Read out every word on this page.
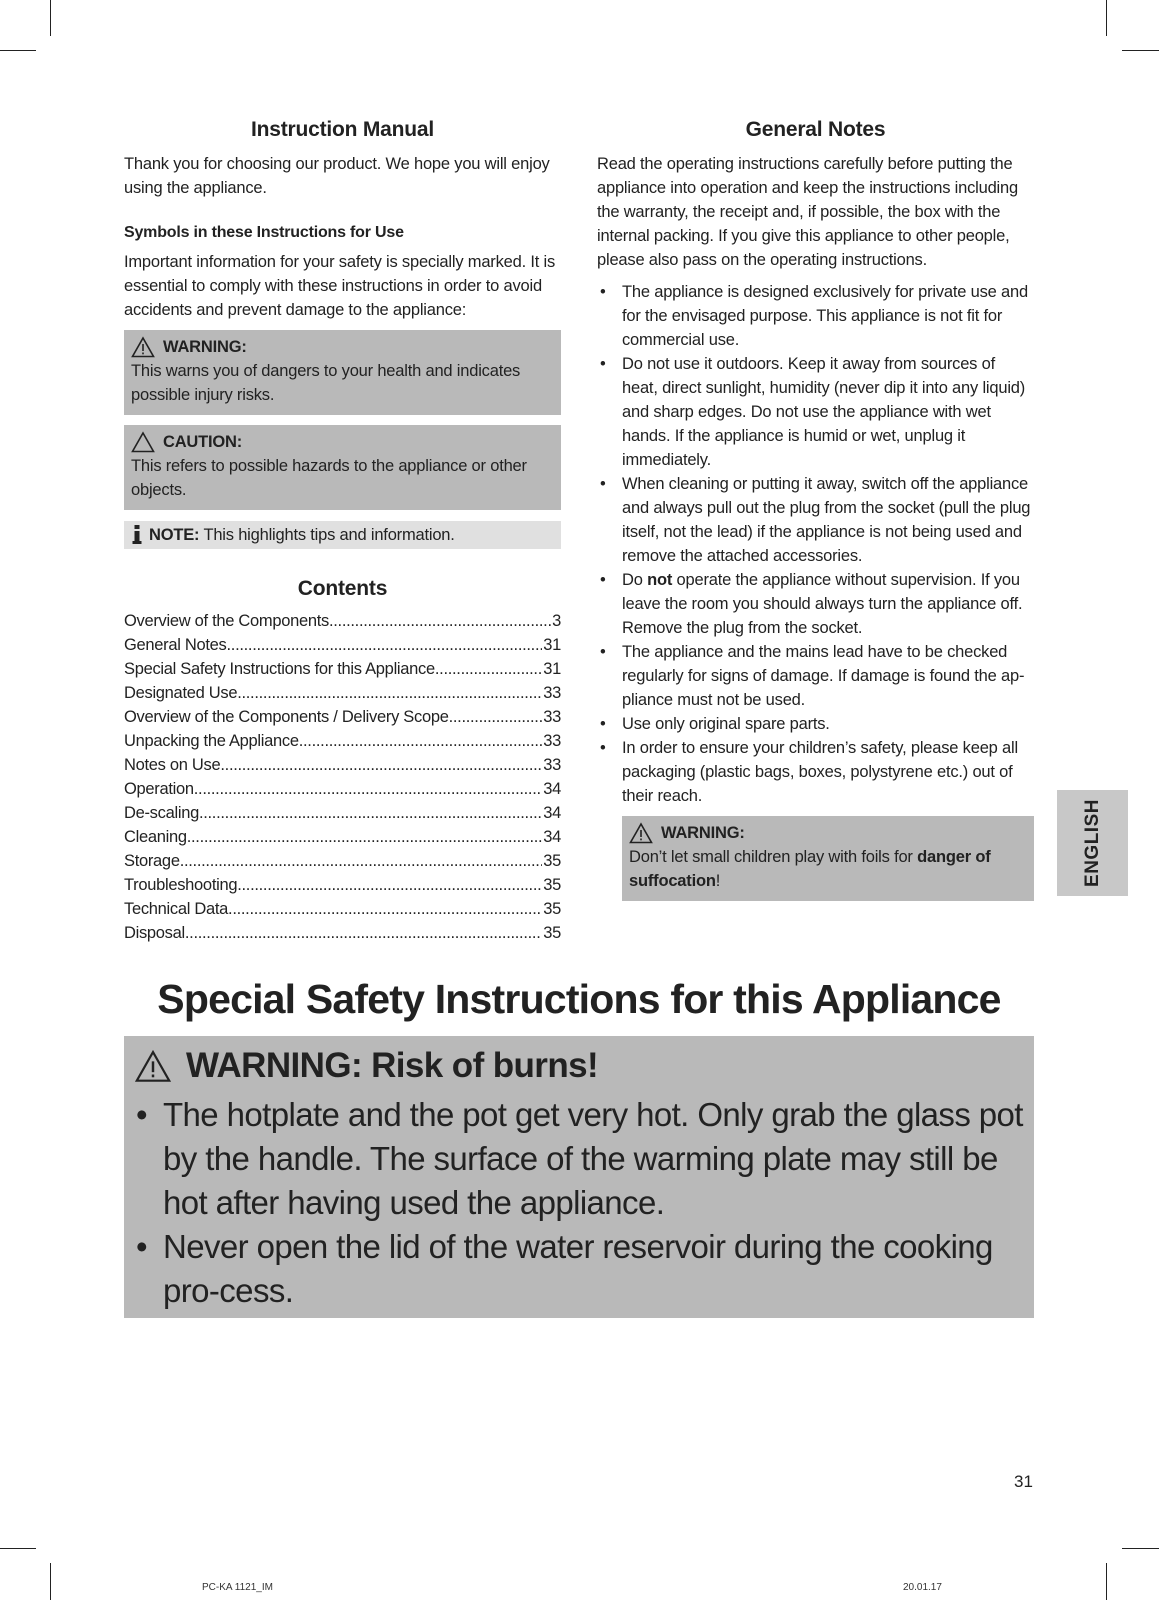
Instruction Manual

Thank you for choosing our product. We hope you will enjoy using the appliance.

Symbols in these Instructions for Use

Important information for your safety is specially marked. It is essential to comply with these instructions in order to avoid accidents and prevent damage to the appliance:

WARNING:
This warns you of dangers to your health and indicates possible injury risks.
CAUTION:
This refers to possible hazards to the appliance or other objects.
NOTE: This highlights tips and information.
Contents
Overview of the Components .....	3
General Notes .....	31
Special Safety Instructions for this Appliance .....	31
Designated Use .....	33
Overview of the Components / Delivery Scope .....	33
Unpacking the Appliance .....	33
Notes on Use .....	33
Operation .....	34
De-scaling .....	34
Cleaning .....	34
Storage .....	35
Troubleshooting .....	35
Technical Data .....	35
Disposal .....	35
General Notes

Read the operating instructions carefully before putting the appliance into operation and keep the instructions including the warranty, the receipt and, if possible, the box with the internal packing. If you give this appliance to other people, please also pass on the operating instructions.

• The appliance is designed exclusively for private use and for the envisaged purpose. This appliance is not fit for commercial use.
• Do not use it outdoors. Keep it away from sources of heat, direct sunlight, humidity (never dip it into any liquid) and sharp edges. Do not use the appliance with wet hands. If the appliance is humid or wet, unplug it immediately.
• When cleaning or putting it away, switch off the appliance and always pull out the plug from the socket (pull the plug itself, not the lead) if the appliance is not being used and remove the attached accessories.
• Do not operate the appliance without supervision. If you leave the room you should always turn the appliance off. Remove the plug from the socket.
• The appliance and the mains lead have to be checked regularly for signs of damage. If damage is found the ap-pliance must not be used.
• Use only original spare parts.
• In order to ensure your children’s safety, please keep all packaging (plastic bags, boxes, polystyrene etc.) out of their reach.
WARNING:
Don’t let small children play with foils for danger of suffocation!	ENGLISH
Special Safety Instructions for this Appliance
WARNING: Risk of burns!
• The hotplate and the pot get very hot. Only grab the glass pot by the handle. The surface of the warming plate may still be hot after having used the appliance.
• Never open the lid of the water reservoir during the cooking pro-cess.
31
PC-KA 1121_IM	20.01.17
